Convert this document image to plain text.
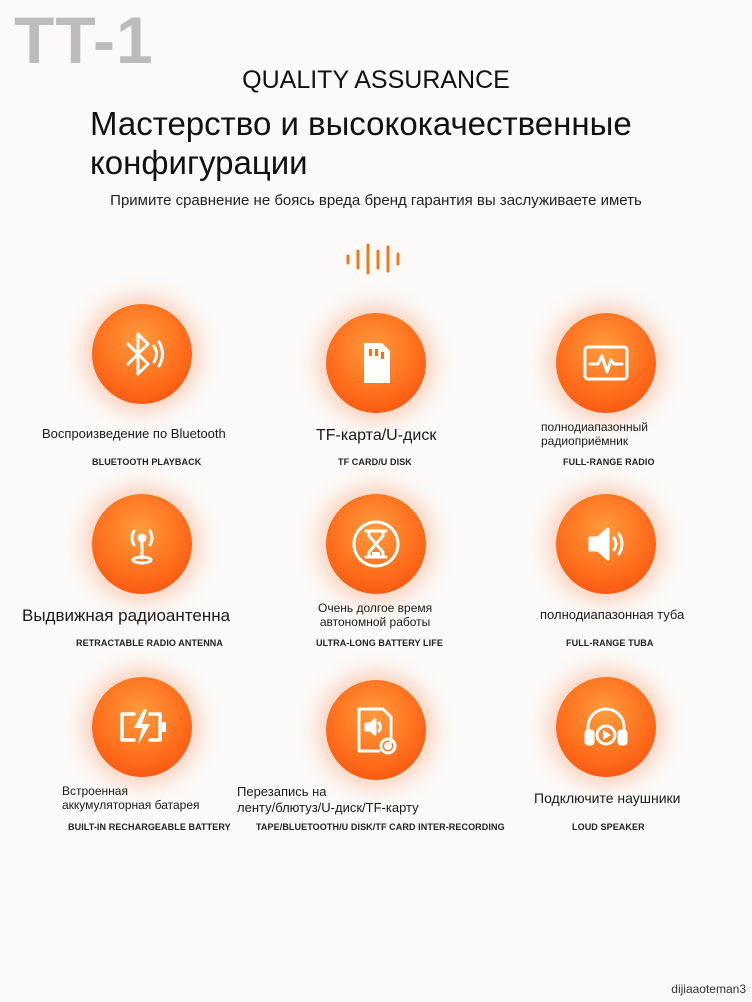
TT-1
QUALITY ASSURANCE
Мастерство и высококачественные
конфигурации
Примите сравнение не боясь вреда бренд гарантия вы заслуживаете иметь
Воспроизведение по Bluetooth
BLUETOOTH PLAYBACK
TF-карта/U-диск
TF CARD/U DISK
полнодиапазонный
радиоприёмник
FULL-RANGE RADIO
Выдвижная радиоантенна
RETRACTABLE RADIO ANTENNA
Очень долгое время
автономной работы
ULTRA-LONG BATTERY LIFE
полнодиапазонная туба
FULL-RANGE TUBA
Встроенная
аккумуляторная батарея
BUILT-IN RECHARGEABLE BATTERY
Перезапись на
ленту/блютуз/U-диск/TF-карту
TAPE/BLUETOOTH/U DISK/TF CARD INTER-RECORDING
Подключите наушники
LOUD SPEAKER
dijiaaoteman3
